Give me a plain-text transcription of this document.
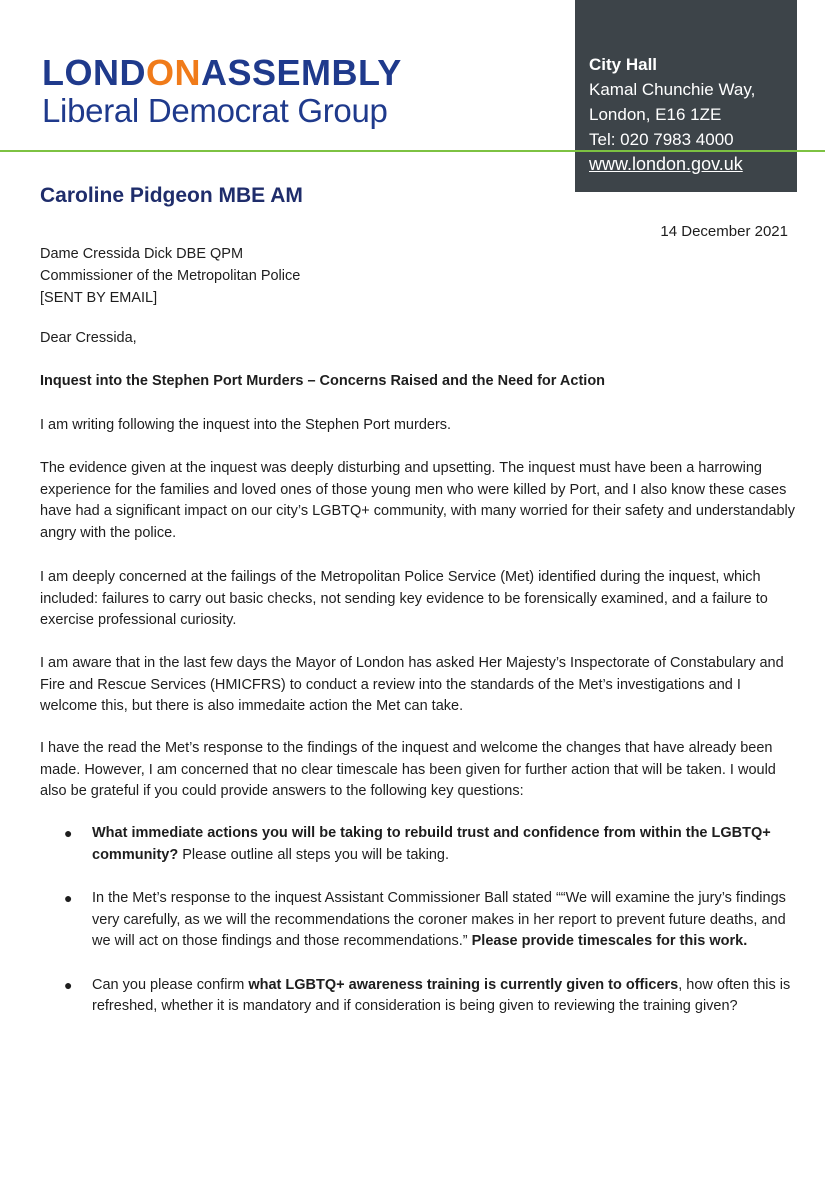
LONDONASSEMBLY
Liberal Democrat Group
City Hall
Kamal Chunchie Way,
London, E16 1ZE
Tel: 020 7983 4000
www.london.gov.uk
Caroline Pidgeon MBE AM
14 December 2021
Dame Cressida Dick DBE QPM
Commissioner of the Metropolitan Police
[SENT BY EMAIL]
Dear Cressida,
Inquest into the Stephen Port Murders – Concerns Raised and the Need for Action
I am writing following the inquest into the Stephen Port murders.
The evidence given at the inquest was deeply disturbing and upsetting. The inquest must have been a harrowing experience for the families and loved ones of those young men who were killed by Port, and I also know these cases have had a significant impact on our city’s LGBTQ+ community, with many worried for their safety and understandably angry with the police.
I am deeply concerned at the failings of the Metropolitan Police Service (Met) identified during the inquest, which included: failures to carry out basic checks, not sending key evidence to be forensically examined, and a failure to exercise professional curiosity.
I am aware that in the last few days the Mayor of London has asked Her Majesty’s Inspectorate of Constabulary and Fire and Rescue Services (HMICFRS) to conduct a review into the standards of the Met’s investigations and I welcome this, but there is also immedaite action the Met can take.
I have the read the Met’s response to the findings of the inquest and welcome the changes that have already been made. However, I am concerned that no clear timescale has been given for further action that will be taken. I would also be grateful if you could provide answers to the following key questions:
● What immediate actions you will be taking to rebuild trust and confidence from within the LGBTQ+ community? Please outline all steps you will be taking.
● In the Met’s response to the inquest Assistant Commissioner Ball stated ““We will examine the jury’s findings very carefully, as we will the recommendations the coroner makes in her report to prevent future deaths, and we will act on those findings and those recommendations.” Please provide timescales for this work.
● Can you please confirm what LGBTQ+ awareness training is currently given to officers, how often this is refreshed, whether it is mandatory and if consideration is being given to reviewing the training given?
